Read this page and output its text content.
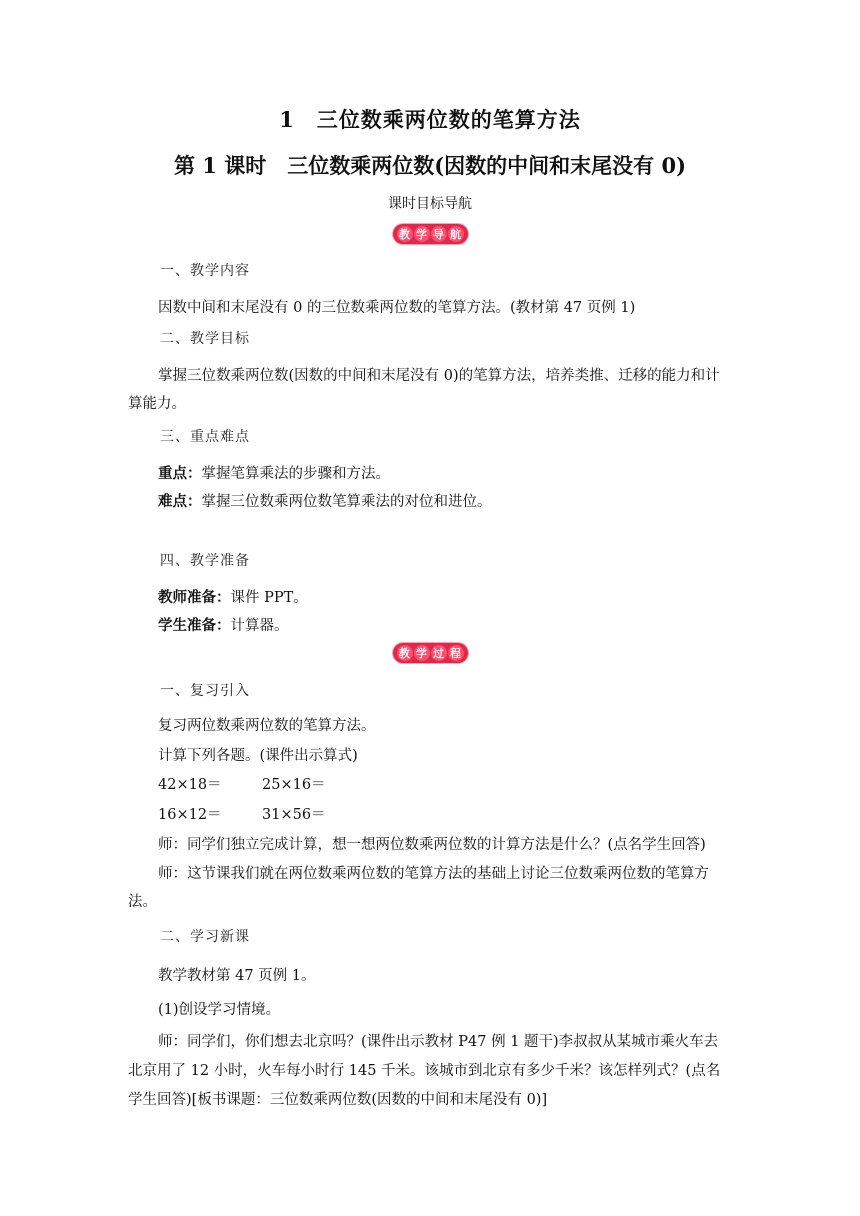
1　三位数乘两位数的笔算方法
第 1 课时　三位数乘两位数(因数的中间和末尾没有 0)
课时目标导航
教 学 导 航
一、教学内容
因数中间和末尾没有 0 的三位数乘两位数的笔算方法。(教材第 47 页例 1)
二、教学目标
掌握三位数乘两位数(因数的中间和末尾没有 0)的笔算方法，培养类推、迁移的能力和计
算能力。
三、重点难点
重点：掌握笔算乘法的步骤和方法。
难点：掌握三位数乘两位数笔算乘法的对位和进位。
四、教学准备
教师准备：课件 PPT。
学生准备：计算器。
教 学 过 程
一、复习引入
复习两位数乘两位数的笔算方法。
计算下列各题。(课件出示算式)
42×18＝	25×16＝
16×12＝	31×56＝
师：同学们独立完成计算，想一想两位数乘两位数的计算方法是什么？(点名学生回答)
师：这节课我们就在两位数乘两位数的笔算方法的基础上讨论三位数乘两位数的笔算方
法。
二、学习新课
教学教材第 47 页例 1。
(1)创设学习情境。
师：同学们，你们想去北京吗？(课件出示教材 P47 例 1 题干)李叔叔从某城市乘火车去
北京用了 12 小时，火车每小时行 145 千米。该城市到北京有多少千米？该怎样列式？(点名
学生回答)[板书课题：三位数乘两位数(因数的中间和末尾没有 0)]
